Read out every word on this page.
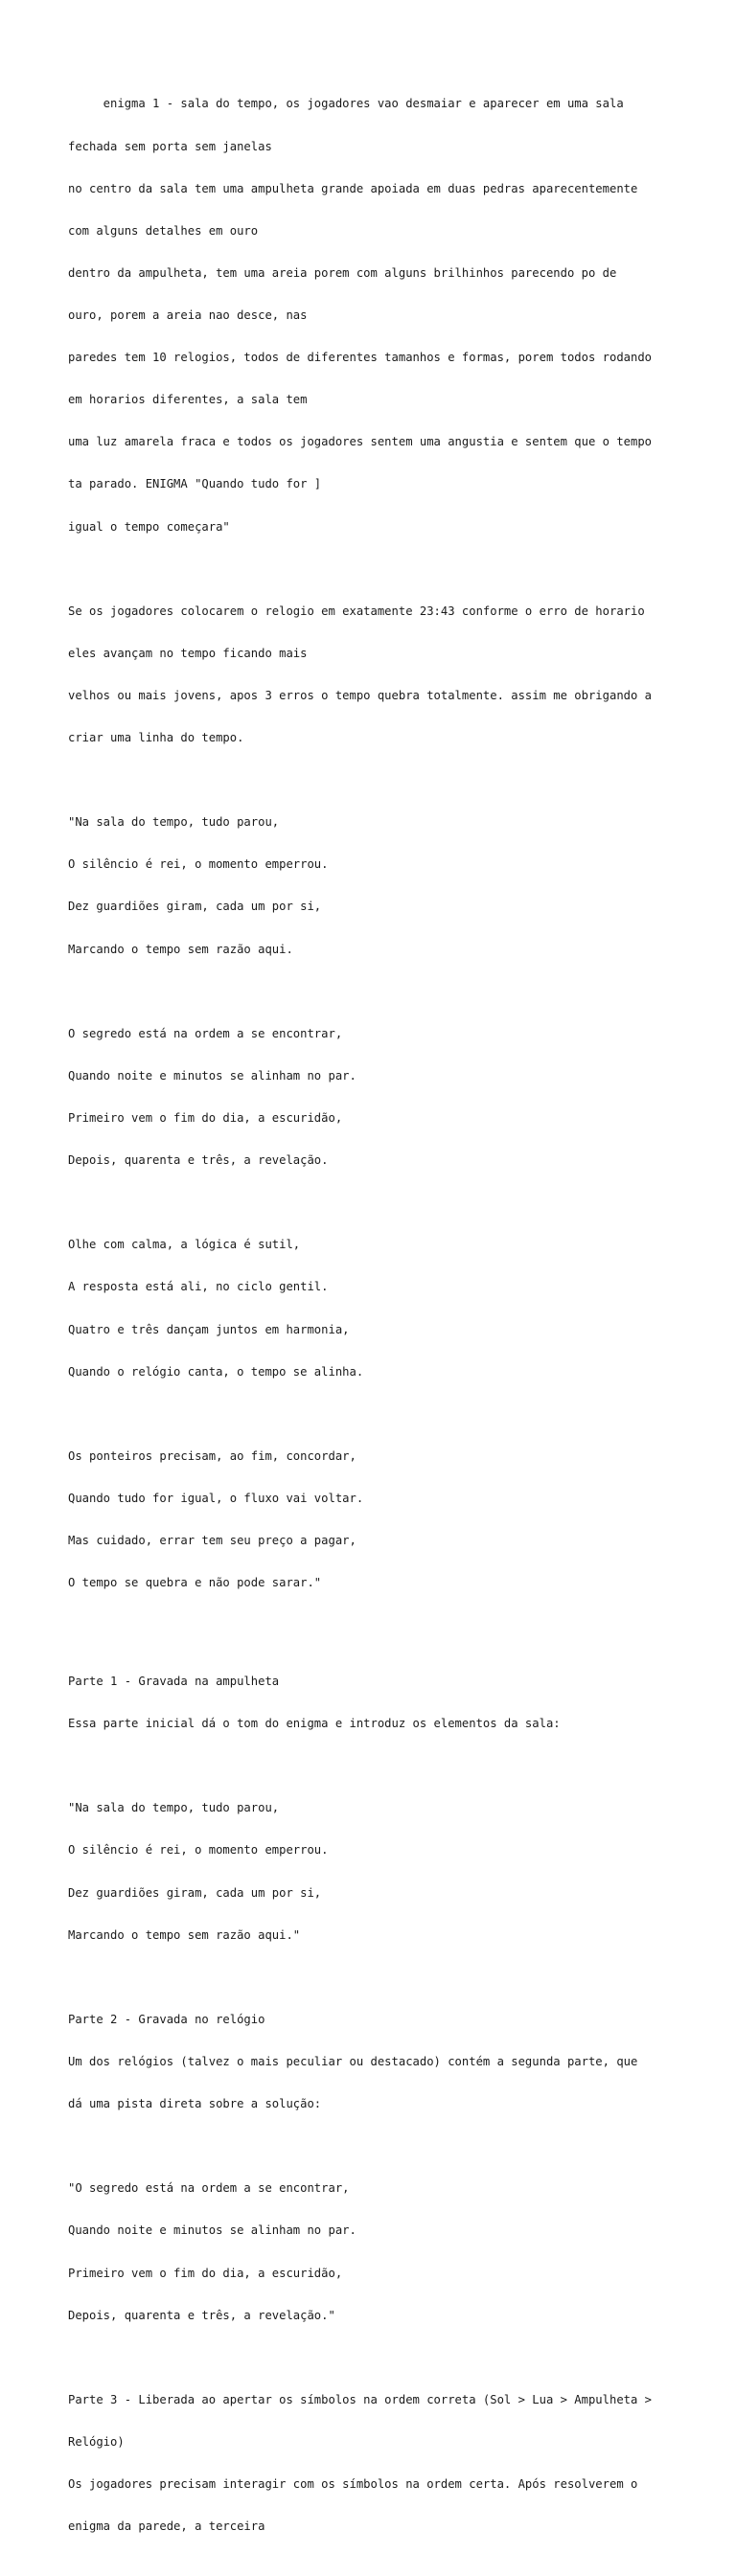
enigma 1 - sala do tempo, os jogadores vao desmaiar e aparecer em uma sala

fechada sem porta sem janelas

no centro da sala tem uma ampulheta grande apoiada em duas pedras aparecentemente

com alguns detalhes em ouro

dentro da ampulheta, tem uma areia porem com alguns brilhinhos parecendo po de

ouro, porem a areia nao desce, nas

paredes tem 10 relogios, todos de diferentes tamanhos e formas, porem todos rodando

em horarios diferentes, a sala tem

uma luz amarela fraca e todos os jogadores sentem uma angustia e sentem que o tempo

ta parado. ENIGMA "Quando tudo for ]

igual o tempo começara"

Se os jogadores colocarem o relogio em exatamente 23:43 conforme o erro de horario

eles avançam no tempo ficando mais

velhos ou mais jovens, apos 3 erros o tempo quebra totalmente. assim me obrigando a

criar uma linha do tempo.

"Na sala do tempo, tudo parou,

O silêncio é rei, o momento emperrou.

Dez guardiões giram, cada um por si,

Marcando o tempo sem razão aqui.

O segredo está na ordem a se encontrar,

Quando noite e minutos se alinham no par.

Primeiro vem o fim do dia, a escuridão,

Depois, quarenta e três, a revelação.

Olhe com calma, a lógica é sutil,

A resposta está ali, no ciclo gentil.

Quatro e três dançam juntos em harmonia,

Quando o relógio canta, o tempo se alinha.

Os ponteiros precisam, ao fim, concordar,

Quando tudo for igual, o fluxo vai voltar.

Mas cuidado, errar tem seu preço a pagar,

O tempo se quebra e não pode sarar."

Parte 1 - Gravada na ampulheta

Essa parte inicial dá o tom do enigma e introduz os elementos da sala:

"Na sala do tempo, tudo parou,

O silêncio é rei, o momento emperrou.

Dez guardiões giram, cada um por si,

Marcando o tempo sem razão aqui."

Parte 2 - Gravada no relógio

Um dos relógios (talvez o mais peculiar ou destacado) contém a segunda parte, que

dá uma pista direta sobre a solução:

"O segredo está na ordem a se encontrar,

Quando noite e minutos se alinham no par.

Primeiro vem o fim do dia, a escuridão,

Depois, quarenta e três, a revelação."

Parte 3 - Liberada ao apertar os símbolos na ordem correta (Sol > Lua > Ampulheta >

Relógio)

Os jogadores precisam interagir com os símbolos na ordem certa. Após resolverem o

enigma da parede, a terceira
